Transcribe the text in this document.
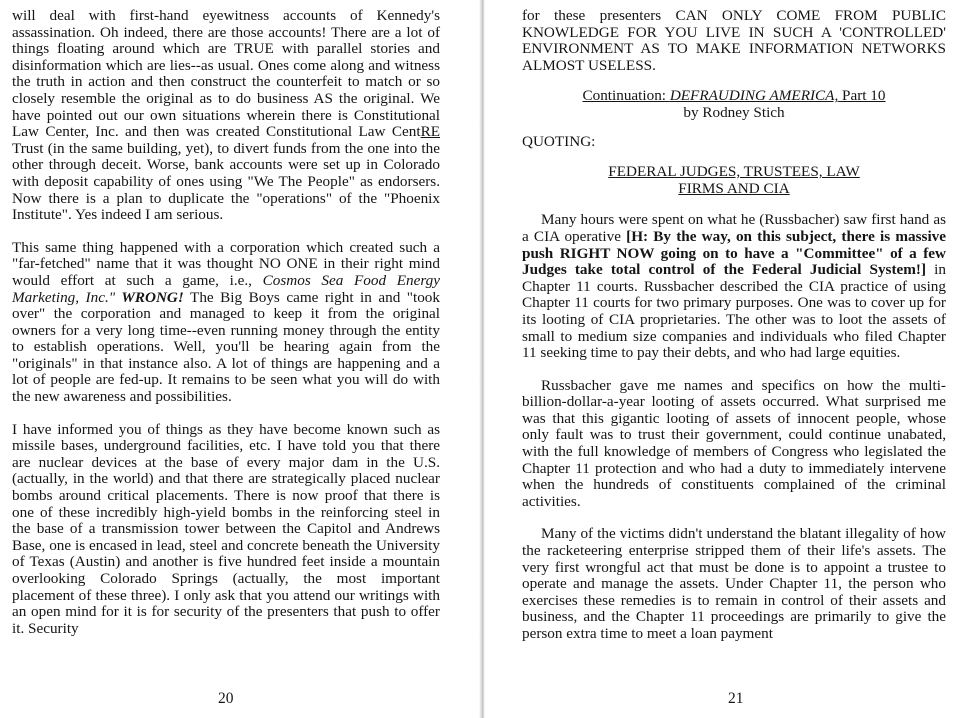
will deal with first-hand eyewitness accounts of Kennedy's assassination. Oh indeed, there are those accounts! There are a lot of things floating around which are TRUE with parallel stories and disinformation which are lies--as usual. Ones come along and witness the truth in action and then construct the counterfeit to match or so closely resemble the original as to do business AS the original. We have pointed out our own situations wherein there is Constitutional Law Center, Inc. and then was created Constitutional Law CentRE Trust (in the same building, yet), to divert funds from the one into the other through deceit. Worse, bank accounts were set up in Colorado with deposit capability of ones using "We The People" as endorsers. Now there is a plan to duplicate the "operations" of the "Phoenix Institute". Yes indeed I am serious.

This same thing happened with a corporation which created such a "far-fetched" name that it was thought NO ONE in their right mind would effort at such a game, i.e., Cosmos Sea Food Energy Marketing, Inc." WRONG! The Big Boys came right in and "took over" the corporation and managed to keep it from the original owners for a very long time--even running money through the entity to establish operations. Well, you'll be hearing again from the "originals" in that instance also. A lot of things are happening and a lot of people are fed-up. It remains to be seen what you will do with the new awareness and possibilities.

I have informed you of things as they have become known such as missile bases, underground facilities, etc. I have told you that there are nuclear devices at the base of every major dam in the U.S. (actually, in the world) and that there are strategically placed nuclear bombs around critical placements. There is now proof that there is one of these incredibly high-yield bombs in the reinforcing steel in the base of a transmission tower between the Capitol and Andrews Base, one is encased in lead, steel and concrete beneath the University of Texas (Austin) and another is five hundred feet inside a mountain overlooking Colorado Springs (actually, the most important placement of these three). I only ask that you attend our writings with an open mind for it is for security of the presenters that push to offer it. Security

20

for these presenters CAN ONLY COME FROM PUBLIC KNOWLEDGE FOR YOU LIVE IN SUCH A 'CONTROLLED' ENVIRONMENT AS TO MAKE INFORMATION NETWORKS ALMOST USELESS.

Continuation: DEFRAUDING AMERICA, Part 10

by Rodney Stich

QUOTING:

FEDERAL JUDGES, TRUSTEES, LAW

FIRMS AND CIA

Many hours were spent on what he (Russbacher) saw first hand as a CIA operative [H: By the way, on this subject, there is massive push RIGHT NOW going on to have a "Committee" of a few Judges take total control of the Federal Judicial System!] in Chapter 11 courts. Russbacher described the CIA practice of using Chapter 11 courts for two primary purposes. One was to cover up for its looting of CIA proprietaries. The other was to loot the assets of small to medium size companies and individuals who filed Chapter 11 seeking time to pay their debts, and who had large equities.

Russbacher gave me names and specifics on how the multi-billion-dollar-a-year looting of assets occurred. What surprised me was that this gigantic looting of assets of innocent people, whose only fault was to trust their government, could continue unabated, with the full knowledge of members of Congress who legislated the Chapter 11 protection and who had a duty to immediately intervene when the hundreds of constituents complained of the criminal activities.

Many of the victims didn't understand the blatant illegality of how the racketeering enterprise stripped them of their life's assets. The very first wrongful act that must be done is to appoint a trustee to operate and manage the assets. Under Chapter 11, the person who exercises these remedies is to remain in control of their assets and business, and the Chapter 11 proceedings are primarily to give the person extra time to meet a loan payment

21
